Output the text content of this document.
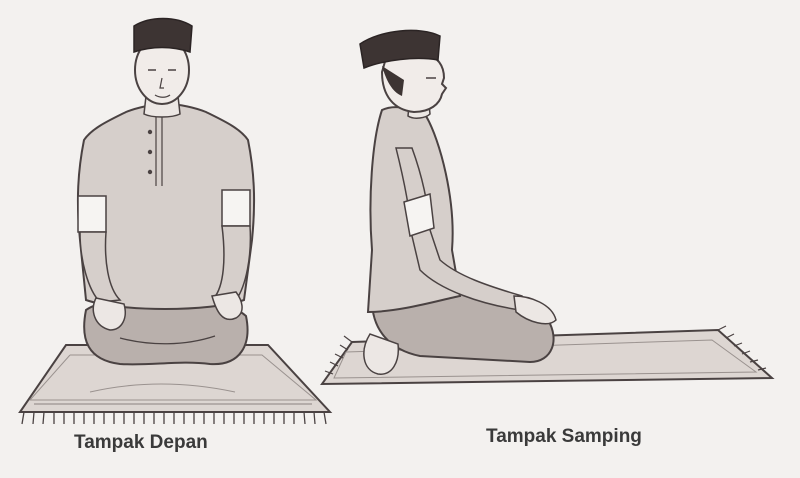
Tampak Depan	Tampak Samping
